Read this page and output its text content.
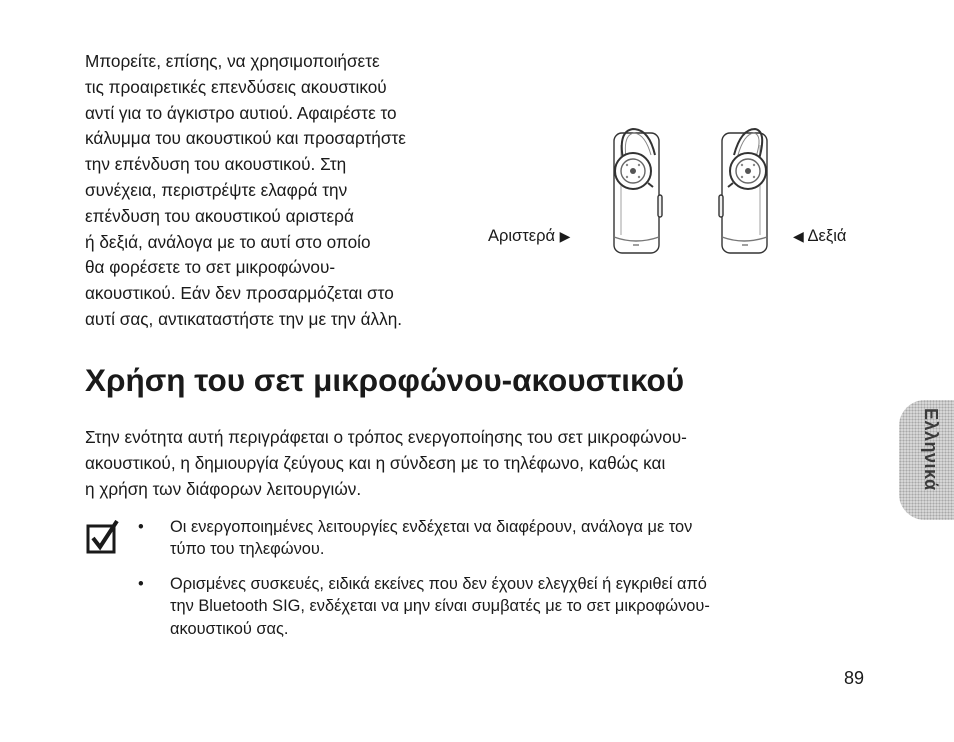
Μπορείτε, επίσης, να χρησιμοποιήσετε
τις προαιρετικές επενδύσεις ακουστικού
αντί για το άγκιστρο αυτιού. Αφαιρέστε το
κάλυμμα του ακουστικού και προσαρτήστε
την επένδυση του ακουστικού. Στη
συνέχεια, περιστρέψτε ελαφρά την
επένδυση του ακουστικού αριστερά
ή δεξιά, ανάλογα με το αυτί στο οποίο
θα φορέσετε το σετ μικροφώνου-
ακουστικού. Εάν δεν προσαρμόζεται στο
αυτί σας, αντικαταστήστε την με την άλλη.

Αριστερά ▶	◀ Δεξιά
Χρήση του σετ μικροφώνου-ακουστικού

Στην ενότητα αυτή περιγράφεται ο τρόπος ενεργοποίησης του σετ μικροφώνου-
ακουστικού, η δημιουργία ζεύγους και η σύνδεση με το τηλέφωνο, καθώς και
η χρήση των διάφορων λειτουργιών.

• Οι ενεργοποιημένες λειτουργίες ενδέχεται να διαφέρουν, ανάλογα με τον
τύπο του τηλεφώνου.
• Ορισμένες συσκευές, ειδικά εκείνες που δεν έχουν ελεγχθεί ή εγκριθεί από
την Bluetooth SIG, ενδέχεται να μην είναι συμβατές με το σετ μικροφώνου-
ακουστικού σας.
89
Ελληνικά
